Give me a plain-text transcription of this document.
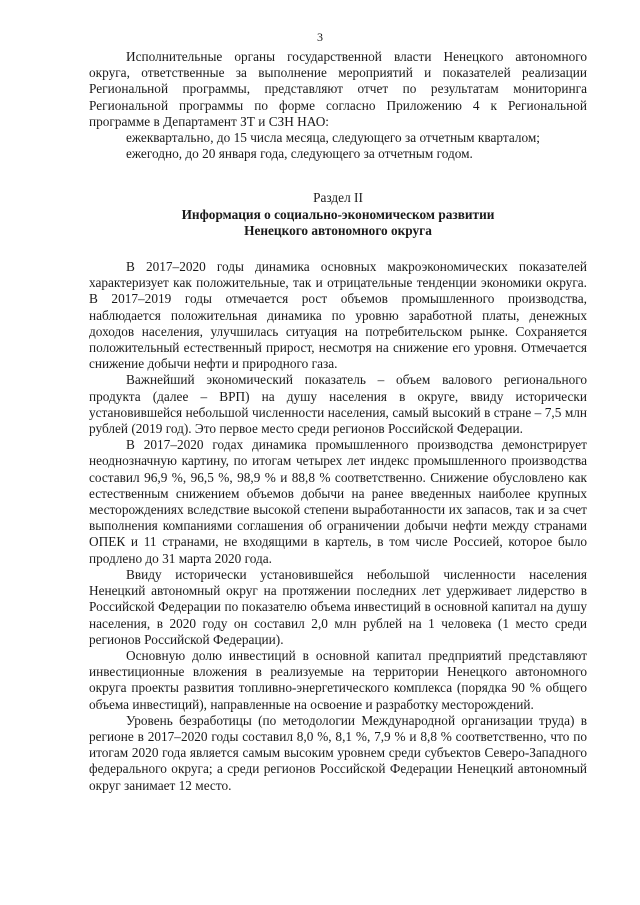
3

Исполнительные органы государственной власти Ненецкого автономного округа, ответственные за выполнение мероприятий и показателей реализации Региональной программы, представляют отчет по результатам мониторинга Региональной программы по форме согласно Приложению 4 к Региональной программе в Департамент ЗТ и СЗН НАО:

ежеквартально, до 15 числа месяца, следующего за отчетным кварталом;

ежегодно, до 20 января года, следующего за отчетным годом.

Раздел II

Информация о социально-экономическом развитии

Ненецкого автономного округа

В 2017–2020 годы динамика основных макроэкономических показателей характеризует как положительные, так и отрицательные тенденции экономики округа. В 2017–2019 годы отмечается рост объемов промышленного производства, наблюдается положительная динамика по уровню заработной платы, денежных доходов населения, улучшилась ситуация на потребительском рынке. Сохраняется положительный естественный прирост, несмотря на снижение его уровня. Отмечается снижение добычи нефти и природного газа.

Важнейший экономический показатель – объем валового регионального продукта (далее – ВРП) на душу населения в округе, ввиду исторически установившейся небольшой численности населения, самый высокий в стране – 7,5 млн рублей (2019 год). Это первое место среди регионов Российской Федерации.

В 2017–2020 годах динамика промышленного производства демонстрирует неоднозначную картину, по итогам четырех лет индекс промышленного производства составил 96,9 %, 96,5 %, 98,9 % и 88,8 % соответственно. Снижение обусловлено как естественным снижением объемов добычи на ранее введенных наиболее крупных месторождениях вследствие высокой степени выработанности их запасов, так и за счет выполнения компаниями соглашения об ограничении добычи нефти между странами ОПЕК и 11 странами, не входящими в картель, в том числе Россией, которое было продлено до 31 марта 2020 года.

Ввиду исторически установившейся небольшой численности населения Ненецкий автономный округ на протяжении последних лет удерживает лидерство в Российской Федерации по показателю объема инвестиций в основной капитал на душу населения, в 2020 году он составил 2,0 млн рублей на 1 человека (1 место среди регионов Российской Федерации).

Основную долю инвестиций в основной капитал предприятий представляют инвестиционные вложения в реализуемые на территории Ненецкого автономного округа проекты развития топливно-энергетического комплекса (порядка 90 % общего объема инвестиций), направленные на освоение и разработку месторождений.

Уровень безработицы (по методологии Международной организации труда) в регионе в 2017–2020 годы составил 8,0 %, 8,1 %, 7,9 % и 8,8 % соответственно, что по итогам 2020 года является самым высоким уровнем среди субъектов Северо-Западного федерального округа; а среди регионов Российской Федерации Ненецкий автономный округ занимает 12 место.
